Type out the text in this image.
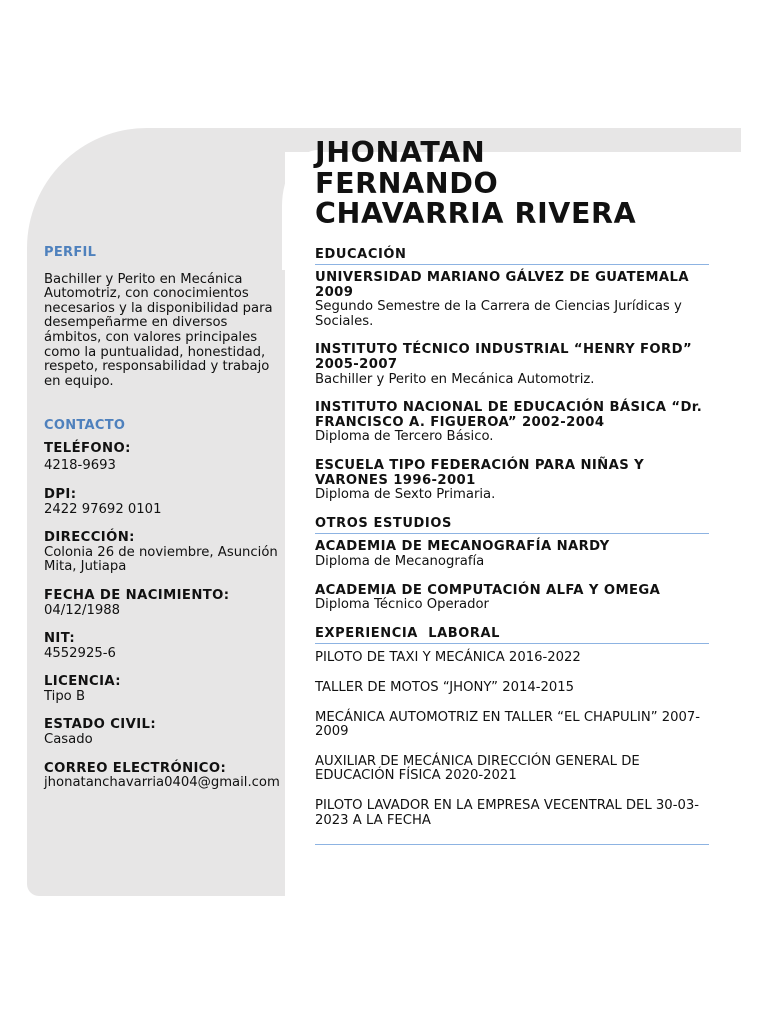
PERFIL
Bachiller y Perito en Mecánica Automotriz, con conocimientos necesarios y la disponibilidad para desempeñarme en diversos ámbitos, con valores principales como la puntualidad, honestidad, respeto, responsabilidad y trabajo en equipo.
CONTACTO
TELÉFONO:
4218-9693
DPI:
2422 97692 0101
DIRECCIÓN:
Colonia 26 de noviembre, Asunción Mita, Jutiapa
FECHA DE NACIMIENTO:
04/12/1988
NIT:
4552925-6
LICENCIA:
Tipo B
ESTADO CIVIL:
Casado
CORREO ELECTRÓNICO:
jhonatanchavarria0404@gmail.com
JHONATAN FERNANDO CHAVARRIA RIVERA
EDUCACIÓN
UNIVERSIDAD MARIANO GÁLVEZ DE GUATEMALA 2009
Segundo Semestre de la Carrera de Ciencias Jurídicas y Sociales.
INSTITUTO TÉCNICO INDUSTRIAL “HENRY FORD” 2005-2007
Bachiller y Perito en Mecánica Automotriz.
INSTITUTO NACIONAL DE EDUCACIÓN BÁSICA “Dr. FRANCISCO A. FIGUEROA” 2002-2004
Diploma de Tercero Básico.
ESCUELA TIPO FEDERACIÓN PARA NIÑAS Y VARONES 1996-2001
Diploma de Sexto Primaria.
OTROS ESTUDIOS
ACADEMIA DE MECANOGRAFÍA NARDY
Diploma de Mecanografía
ACADEMIA DE COMPUTACIÓN ALFA Y OMEGA
Diploma Técnico Operador
EXPERIENCIA  LABORAL
PILOTO DE TAXI Y MECÁNICA 2016-2022
TALLER DE MOTOS “JHONY” 2014-2015
MECÁNICA AUTOMOTRIZ EN TALLER “EL CHAPULIN” 2007-2009
AUXILIAR DE MECÁNICA DIRECCIÓN GENERAL DE EDUCACIÓN FÍSICA 2020-2021
PILOTO LAVADOR EN LA EMPRESA VECENTRAL DEL 30-03-2023 A LA FECHA
